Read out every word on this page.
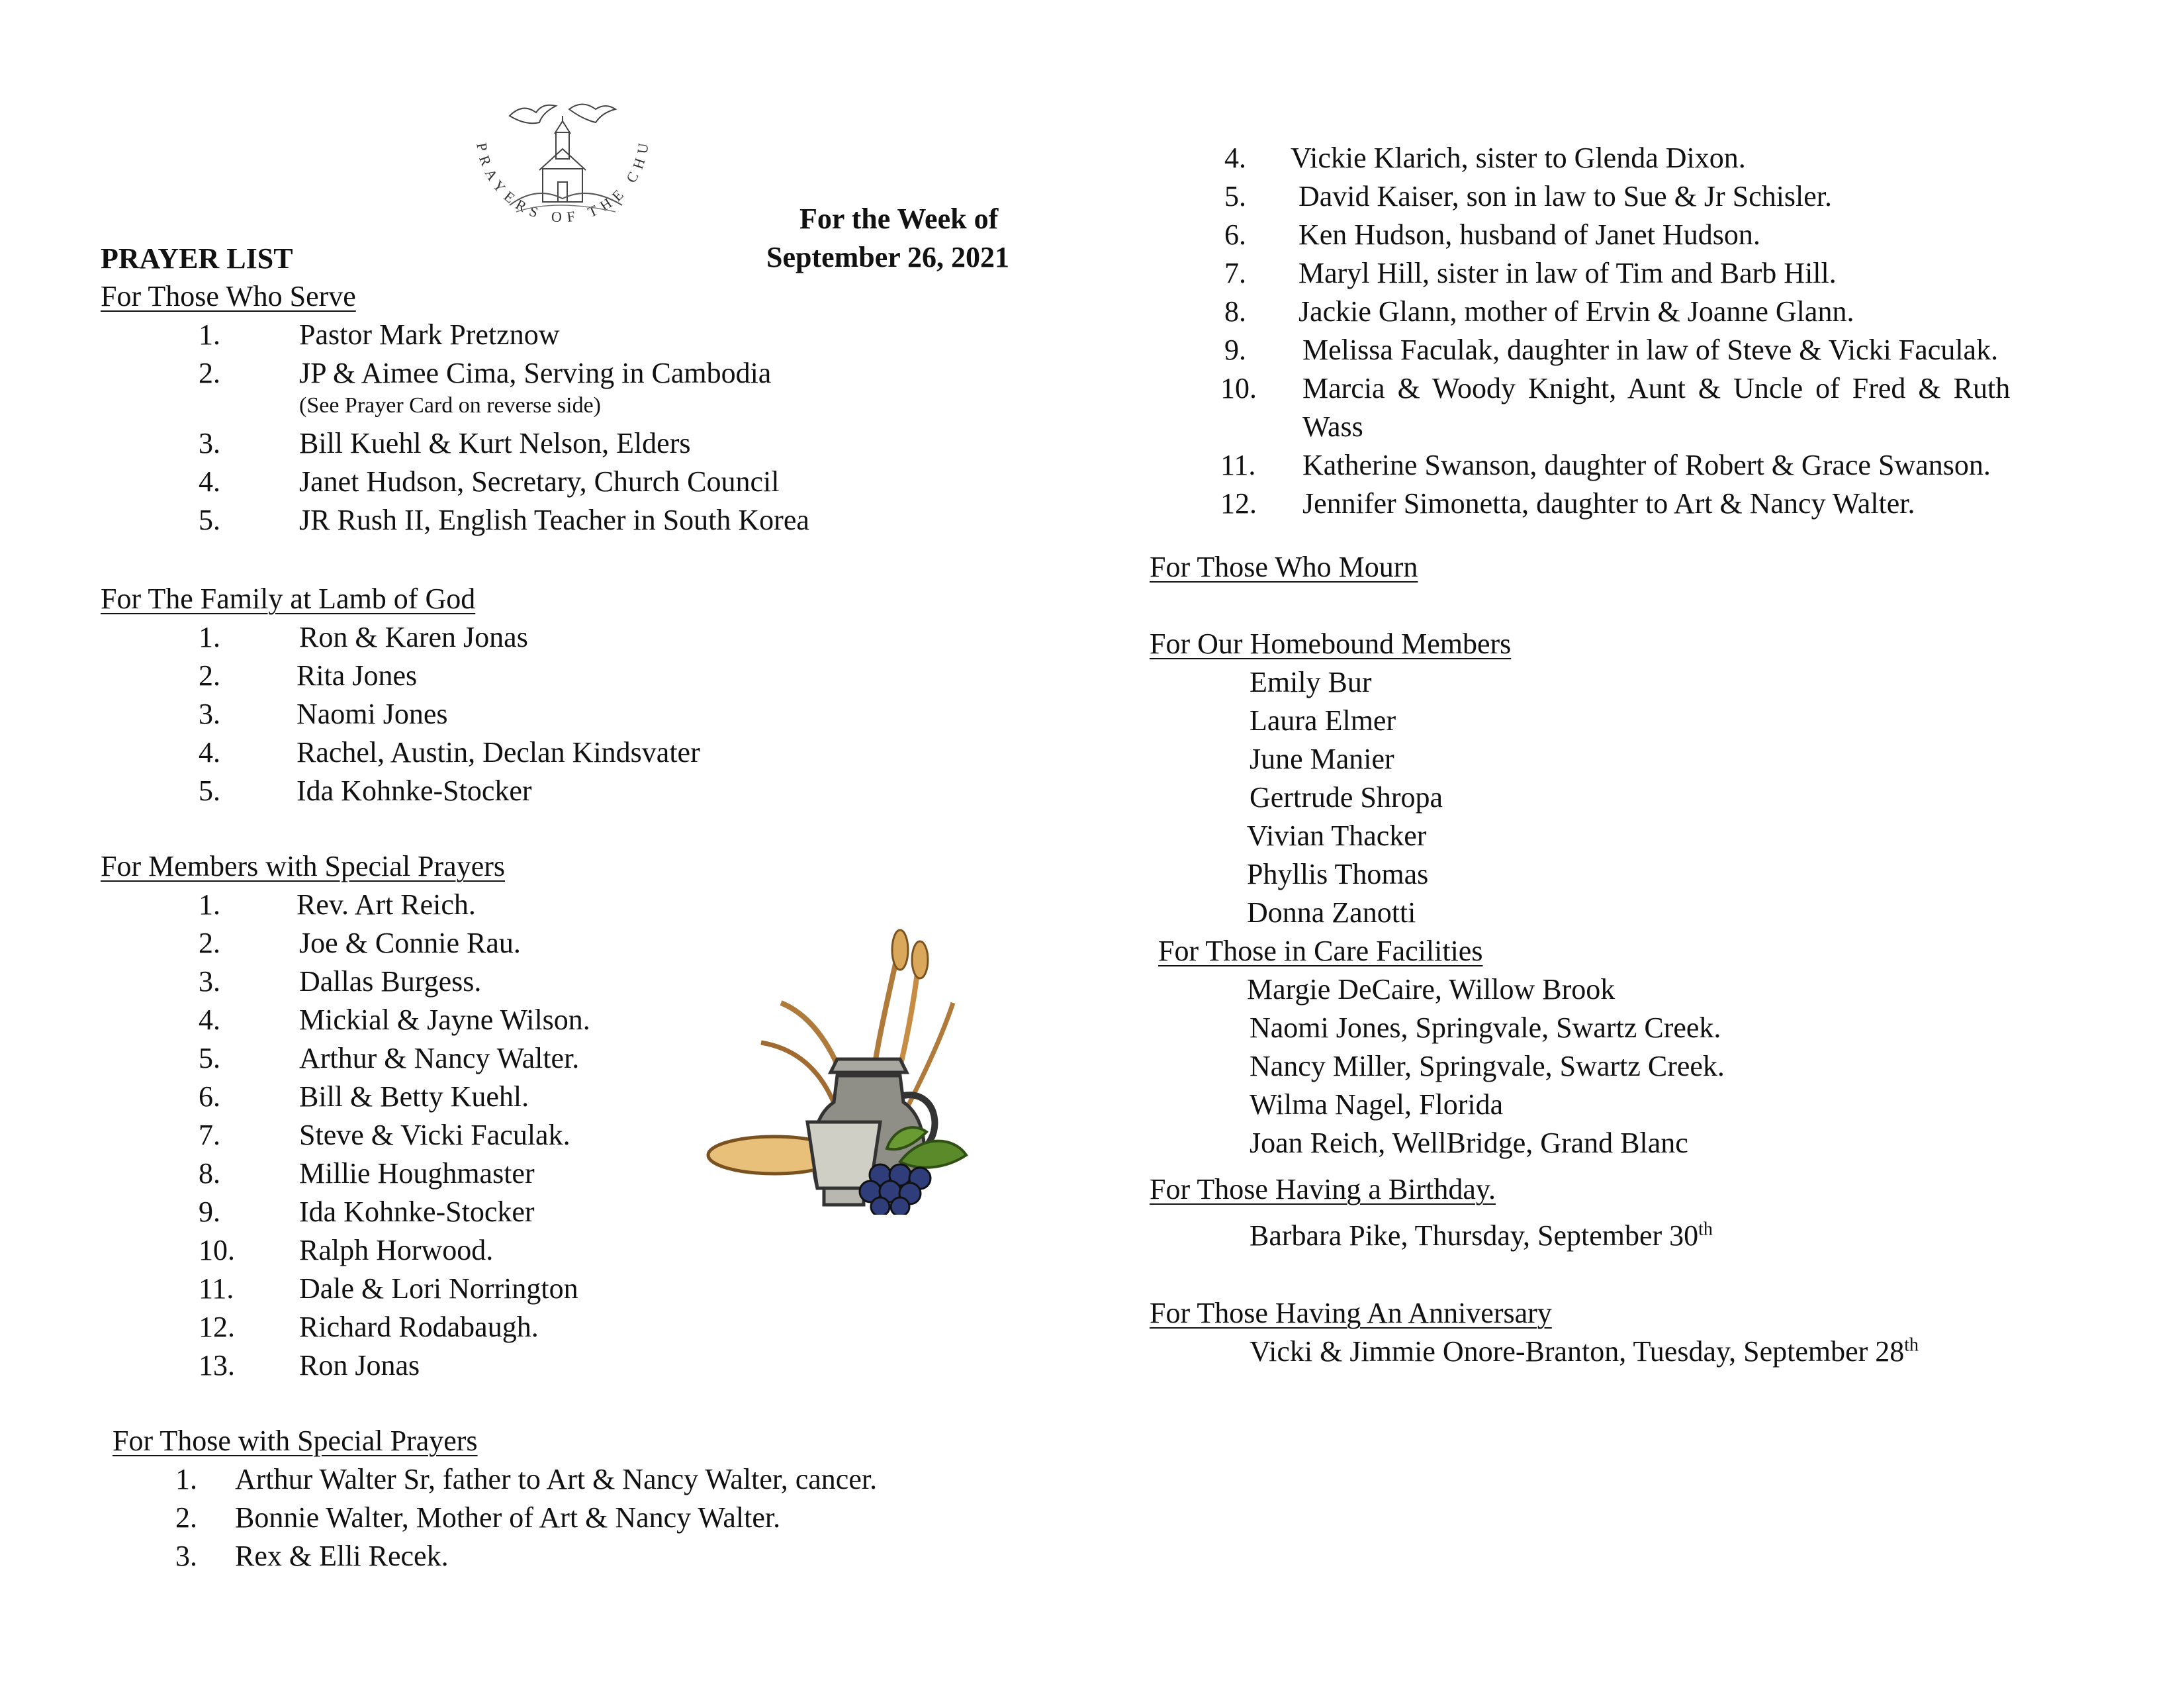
PRAYERS OF THE CHU
For the Week of
September 26, 2021
PRAYER LIST
For Those Who Serve
1.	Pastor Mark Pretznow
2.	JP & Aimee Cima, Serving in Cambodia
(See Prayer Card on reverse side)
3.	Bill Kuehl & Kurt Nelson, Elders
4.	Janet Hudson, Secretary, Church Council
5.	JR Rush II, English Teacher in South Korea
For The Family at Lamb of God
1.	Ron & Karen Jonas
2.	Rita Jones
3.	Naomi Jones
4.	Rachel, Austin, Declan Kindsvater
5.	Ida Kohnke-Stocker
For Members with Special Prayers
1.	Rev. Art Reich.
2.	Joe & Connie Rau.
3.	Dallas Burgess.
4.	Mickial & Jayne Wilson.
5.	Arthur & Nancy Walter.
6.	Bill & Betty Kuehl.
7.	Steve & Vicki Faculak.
8.	Millie Houghmaster
9.	Ida Kohnke-Stocker
10. Ralph Horwood.
11. Dale & Lori Norrington
12. Richard Rodabaugh.
13. Ron Jonas
For Those with Special Prayers
1. Arthur Walter Sr, father to Art & Nancy Walter, cancer.
2. Bonnie Walter, Mother of Art & Nancy Walter.
3. Rex & Elli Recek.
4. Vickie Klarich, sister to Glenda Dixon.
5. David Kaiser, son in law to Sue & Jr Schisler.
6. Ken Hudson, husband of Janet Hudson.
7. Maryl Hill, sister in law of Tim and Barb Hill.
8. Jackie Glann, mother of Ervin & Joanne Glann.
9. Melissa Faculak, daughter in law of Steve & Vicki Faculak.
10. Marcia & Woody Knight, Aunt & Uncle of Fred & Ruth
Wass
11. Katherine Swanson, daughter of Robert & Grace Swanson.
12. Jennifer Simonetta, daughter to Art & Nancy Walter.
For Those Who Mourn
For Our Homebound Members
Emily Bur
Laura Elmer
June Manier
Gertrude Shropa
Vivian Thacker
Phyllis Thomas
Donna Zanotti
For Those in Care Facilities
Margie DeCaire, Willow Brook
Naomi Jones, Springvale, Swartz Creek.
Nancy Miller, Springvale, Swartz Creek.
Wilma Nagel, Florida
Joan Reich, WellBridge, Grand Blanc
For Those Having a Birthday.
Barbara Pike, Thursday, September 30th
For Those Having An Anniversary
Vicki & Jimmie Onore-Branton, Tuesday, September 28th
